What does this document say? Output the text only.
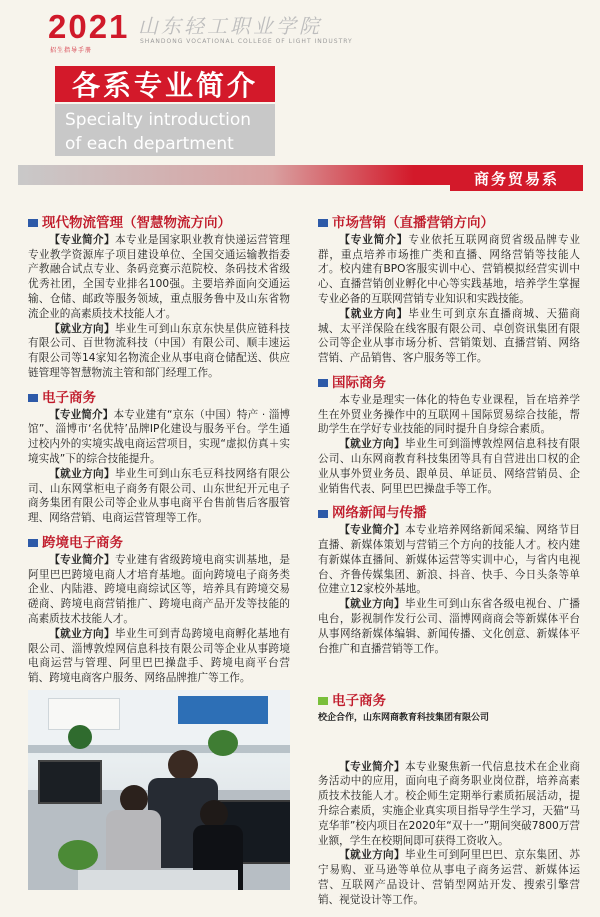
2021
招生指导手册
山东轻工职业学院
SHANDONG VOCATIONAL COLLEGE OF LIGHT INDUSTRY
各系专业简介
Specialty introduction
of each department
商务贸易系
现代物流管理（智慧物流方向）

【专业简介】本专业是国家职业教育快递运营管理专业教学资源库子项目建设单位、全国交通运输教指委产教融合试点专业、条码竞赛示范院校、条码技术省级优秀社团，全国专业排名100强。主要培养面向交通运输、仓储、邮政等服务领域，重点服务鲁中及山东省物流企业的高素质技术技能人才。

【就业方向】毕业生可到山东京东快星供应链科技有限公司、百世物流科技（中国）有限公司、顺丰速运有限公司等14家知名物流企业从事电商仓储配送、供应链管理等智慧物流主管和部门经理工作。

电子商务

【专业简介】本专业建有“京东（中国）特产 · 淄博馆”、淄博市‘名优特’品牌IP化建设与服务平台。学生通过校内外的实境实战电商运营项目，实现“虚拟仿真＋实境实战”下的综合技能提升。

【就业方向】毕业生可到山东毛豆科技网络有限公司、山东网掌柜电子商务有限公司、山东世纪开元电子商务集团有限公司等企业从事电商平台售前售后客服管理、网络营销、电商运营管理等工作。

跨境电子商务

【专业简介】专业建有省级跨境电商实训基地，是阿里巴巴跨境电商人才培育基地。面向跨境电子商务类企业、内陆港、跨境电商综试区等，培养具有跨境交易磋商、跨境电商营销推广、跨境电商产品开发等技能的高素质技术技能人才。

【就业方向】毕业生可到青岛跨境电商孵化基地有限公司、淄博敦煌网信息科技有限公司等企业从事跨境电商运营与管理、阿里巴巴操盘手、跨境电商平台营销、跨境电商客户服务、网络品牌推广等工作。

市场营销（直播营销方向）

【专业简介】专业依托互联网商贸省级品牌专业群，重点培养市场推广类和直播、网络营销等技能人才。校内建有BPO客服实训中心、营销模拟经营实训中心、直播营销创业孵化中心等实践基地，培养学生掌握专业必备的互联网营销专业知识和实践技能。

【就业方向】毕业生可到京东直播商城、天猫商城、太平洋保险在线客服有限公司、卓创资讯集团有限公司等企业从事市场分析、营销策划、直播营销、网络营销、产品销售、客户服务等工作。

国际商务

本专业是理实一体化的特色专业课程，旨在培养学生在外贸业务操作中的互联网＋国际贸易综合技能，帮助学生在学好专业技能的同时提升自身综合素质。

【就业方向】毕业生可到淄博敦煌网信息科技有限公司、山东网商教育科技集团等具有自营进出口权的企业从事外贸业务员、跟单员、单证员、网络营销员、企业销售代表、阿里巴巴操盘手等工作。

网络新闻与传播

【专业简介】本专业培养网络新闻采编、网络节目直播、新媒体策划与营销三个方向的技能人才。校内建有新媒体直播间、新媒体运营等实训中心，与省内电视台、齐鲁传媒集团、新浪、抖音、快手、今日头条等单位建立12家校外基地。

【就业方向】毕业生可到山东省各级电视台、广播电台，影视制作发行公司、淄博网商商会等新媒体平台从事网络新媒体编辑、新闻传播、文化创意、新媒体平台推广和直播营销等工作。

电子商务
校企合作，山东网商教育科技集团有限公司

【专业简介】本专业聚焦新一代信息技术在企业商务活动中的应用，面向电子商务职业岗位群，培养高素质技术技能人才。校企师生定期举行素质拓展活动，提升综合素质，实施企业真实项目指导学生学习，天猫“马克华菲”校内项目在2020年“双十一”期间突破7800万营业额，学生在校期间即可获得工资收入。

【就业方向】毕业生可到阿里巴巴、京东集团、苏宁易购、亚马逊等单位从事电子商务运营、新媒体运营、互联网产品设计、营销型网站开发、搜索引擎营销、视觉设计等工作。
